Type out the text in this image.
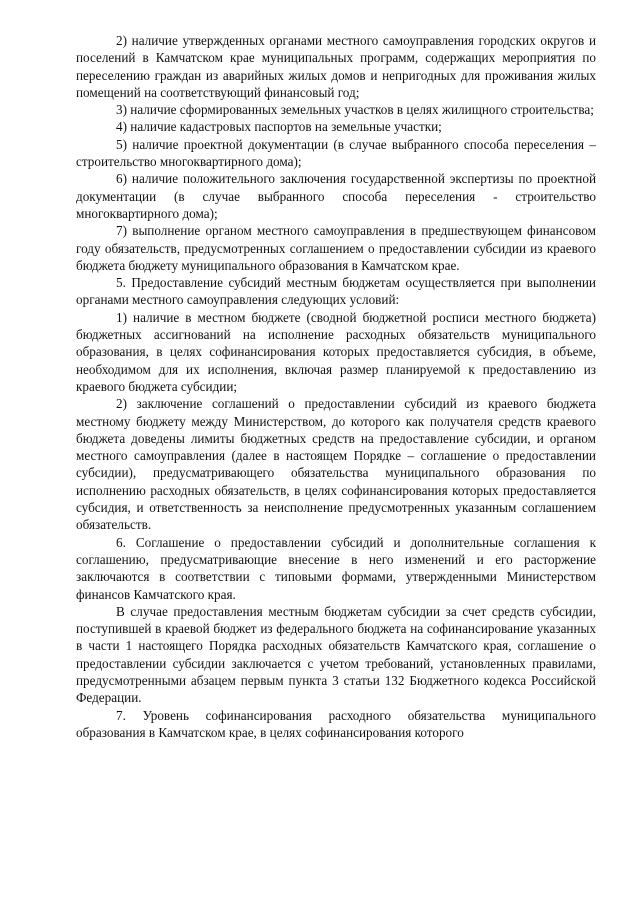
2) наличие утвержденных органами местного самоуправления городских округов и поселений в Камчатском крае муниципальных программ, содержащих мероприятия по переселению граждан из аварийных жилых домов и непригодных для проживания жилых помещений на соответствующий финансовый год;

3) наличие сформированных земельных участков в целях жилищного строительства;

4) наличие кадастровых паспортов на земельные участки;

5) наличие проектной документации (в случае выбранного способа переселения – строительство многоквартирного дома);

6) наличие положительного заключения государственной экспертизы по проектной документации (в случае выбранного способа переселения - строительство многоквартирного дома);

7) выполнение органом местного самоуправления в предшествующем финансовом году обязательств, предусмотренных соглашением о предоставлении субсидии из краевого бюджета бюджету муниципального образования в Камчатском крае.

5. Предоставление субсидий местным бюджетам осуществляется при выполнении органами местного самоуправления следующих условий:

1) наличие в местном бюджете (сводной бюджетной росписи местного бюджета) бюджетных ассигнований на исполнение расходных обязательств муниципального образования, в целях софинансирования которых предоставляется субсидия, в объеме, необходимом для их исполнения, включая размер планируемой к предоставлению из краевого бюджета субсидии;

2) заключение соглашений о предоставлении субсидий из краевого бюджета местному бюджету между Министерством, до которого как получателя средств краевого бюджета доведены лимиты бюджетных средств на предоставление субсидии, и органом местного самоуправления (далее в настоящем Порядке – соглашение о предоставлении субсидии), предусматривающего обязательства муниципального образования по исполнению расходных обязательств, в целях софинансирования которых предоставляется субсидия, и ответственность за неисполнение предусмотренных указанным соглашением обязательств.

6. Соглашение о предоставлении субсидий и дополнительные соглашения к соглашению, предусматривающие внесение в него изменений и его расторжение заключаются в соответствии с типовыми формами, утвержденными Министерством финансов Камчатского края.

В случае предоставления местным бюджетам субсидии за счет средств субсидии, поступившей в краевой бюджет из федерального бюджета на софинансирование указанных в части 1 настоящего Порядка расходных обязательств Камчатского края, соглашение о предоставлении субсидии заключается с учетом требований, установленных правилами, предусмотренными абзацем первым пункта 3 статьи 132 Бюджетного кодекса Российской Федерации.

7. Уровень софинансирования расходного обязательства муниципального образования в Камчатском крае, в целях софинансирования которого
